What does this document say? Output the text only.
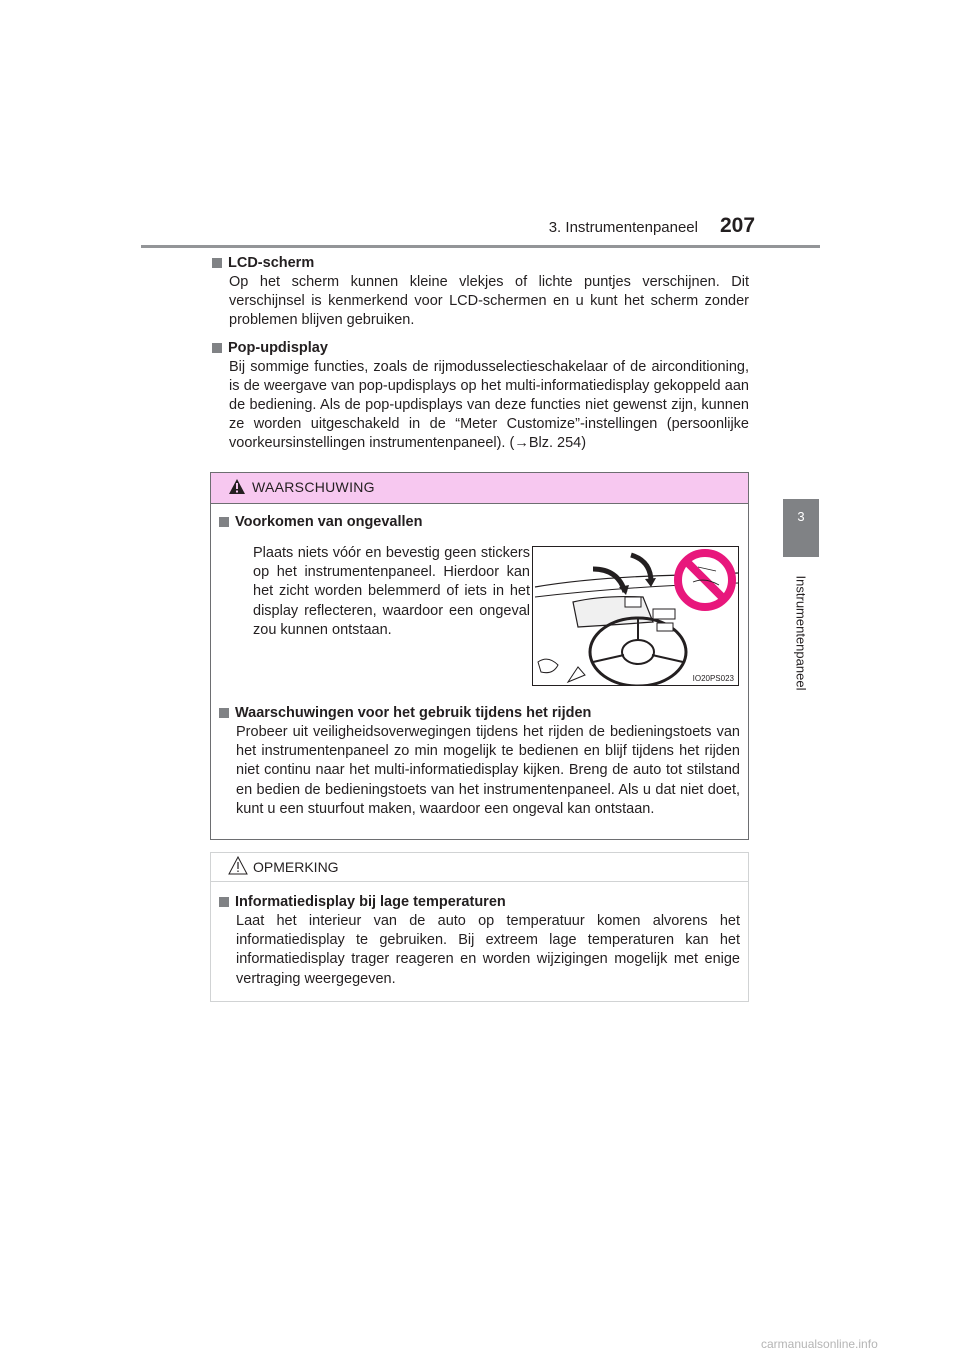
3. Instrumentenpaneel 207
3
Instrumentenpaneel

LCD-scherm

Op het scherm kunnen kleine vlekjes of lichte puntjes verschijnen. Dit verschijnsel is kenmerkend voor LCD-schermen en u kunt het scherm zonder problemen blijven gebruiken.

Pop-updisplay

Bij sommige functies, zoals de rijmodusselectieschakelaar of de airconditioning, is de weergave van pop-updisplays op het multi-informatiedisplay gekoppeld aan de bediening. Als de pop-updisplays van deze functies niet gewenst zijn, kunnen ze worden uitgeschakeld in de “Meter Customize”-instellingen (persoonlijke voorkeursinstellingen instrumentenpaneel). (→Blz. 254)

WAARSCHUWING

Voorkomen van ongevallen

Plaats niets vóór en bevestig geen stickers op het instrumentenpaneel. Hierdoor kan het zicht worden belemmerd of iets in het display reflecteren, waardoor een ongeval zou kunnen ontstaan.

IO20PS023

Waarschuwingen voor het gebruik tijdens het rijden

Probeer uit veiligheidsoverwegingen tijdens het rijden de bedieningstoets van het instrumentenpaneel zo min mogelijk te bedienen en blijf tijdens het rijden niet continu naar het multi-informatiedisplay kijken. Breng de auto tot stilstand en bedien de bedieningstoets van het instrumentenpaneel. Als u dat niet doet, kunt u een stuurfout maken, waardoor een ongeval kan ontstaan.

OPMERKING

Informatiedisplay bij lage temperaturen

Laat het interieur van de auto op temperatuur komen alvorens het informatiedisplay te gebruiken. Bij extreem lage temperaturen kan het informatiedisplay trager reageren en worden wijzigingen mogelijk met enige vertraging weergegeven.

carmanualsonline.info
